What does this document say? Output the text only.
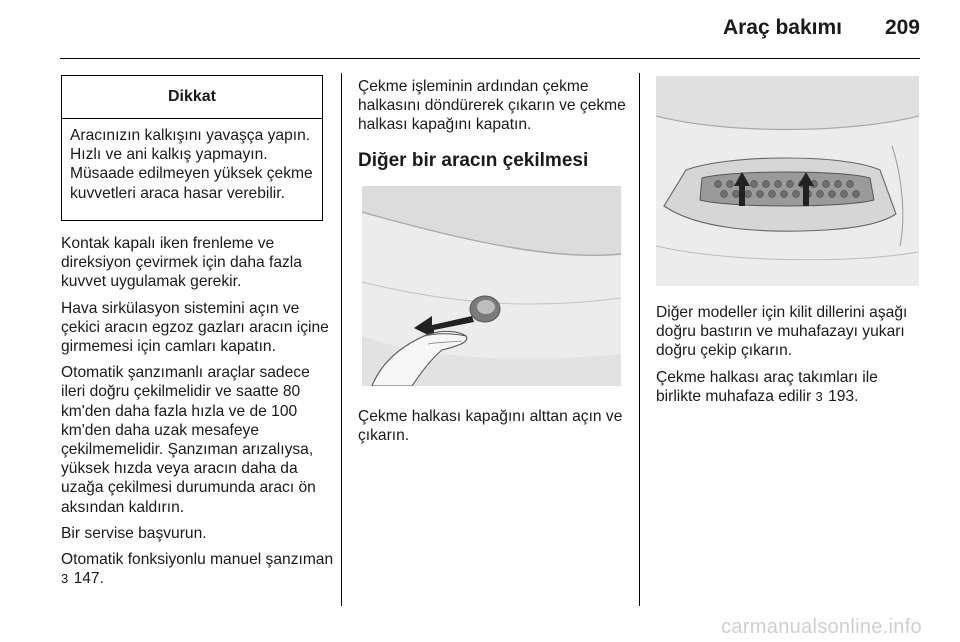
Araç bakımı 209
Dikkat
Aracınızın kalkışını yavaşça yapın. Hızlı ve ani kalkış yapmayın. Müsaade edilmeyen yüksek çekme kuvvetleri araca hasar verebilir.

Kontak kapalı iken frenleme ve direksiyon çevirmek için daha fazla kuvvet uygulamak gerekir.

Hava sirkülasyon sistemini açın ve çekici aracın egzoz gazları aracın içine girmemesi için camları kapatın.

Otomatik şanzımanlı araçlar sadece ileri doğru çekilmelidir ve saatte 80 km'den daha fazla hızla ve de 100 km'den daha uzak mesafeye çekilmemelidir. Şanzıman arızalıysa, yüksek hızda veya aracın daha da uzağa çekilmesi durumunda aracı ön aksından kaldırın.

Bir servise başvurun.

Otomatik fonksiyonlu manuel şanzıman 3 147.

Çekme işleminin ardından çekme halkasını döndürerek çıkarın ve çekme halkası kapağını kapatın.

Diğer bir aracın çekilmesi

Çekme halkası kapağını alttan açın ve çıkarın.

Diğer modeller için kilit dillerini aşağı doğru bastırın ve muhafazayı yukarı doğru çekip çıkarın.

Çekme halkası araç takımları ile birlikte muhafaza edilir 3 193.

carmanualsonline.info
